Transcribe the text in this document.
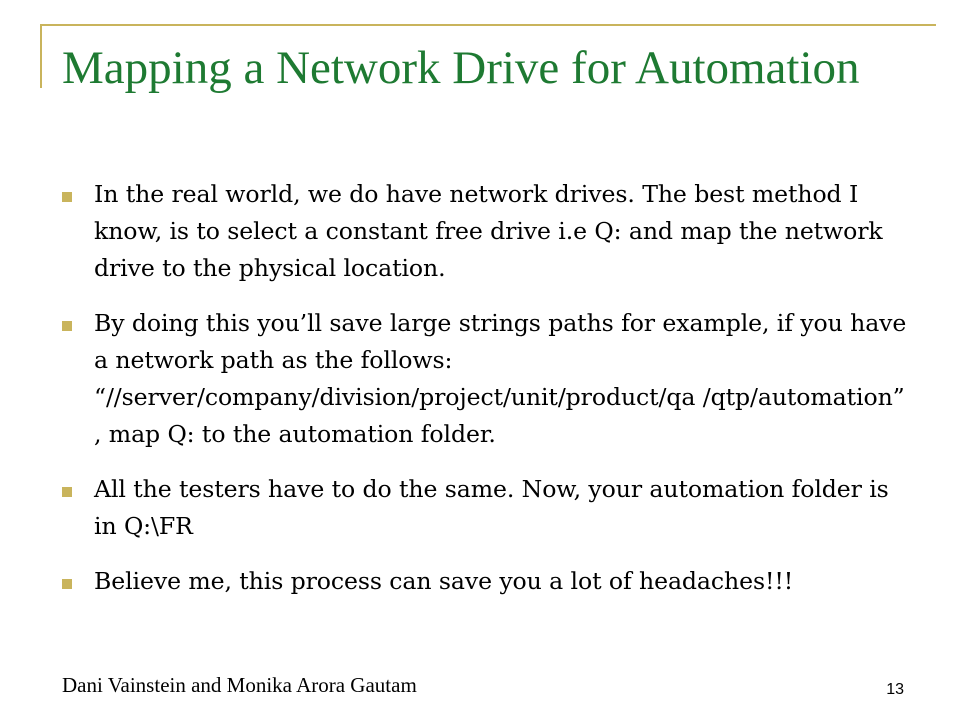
Mapping a Network Drive for Automation
In the real world, we do have network drives. The best method I know, is to select a constant free drive i.e Q: and map the network drive to the physical location.
By doing this you’ll save large strings paths for example, if you have a network path as the follows: “//server/company/division/project/unit/product/qa /qtp/automation” , map Q: to the automation folder.
All the testers have to do the same. Now, your automation folder is in Q:\FR
Believe me, this process can save you a lot of headaches!!!
Dani Vainstein and Monika Arora Gautam	13
